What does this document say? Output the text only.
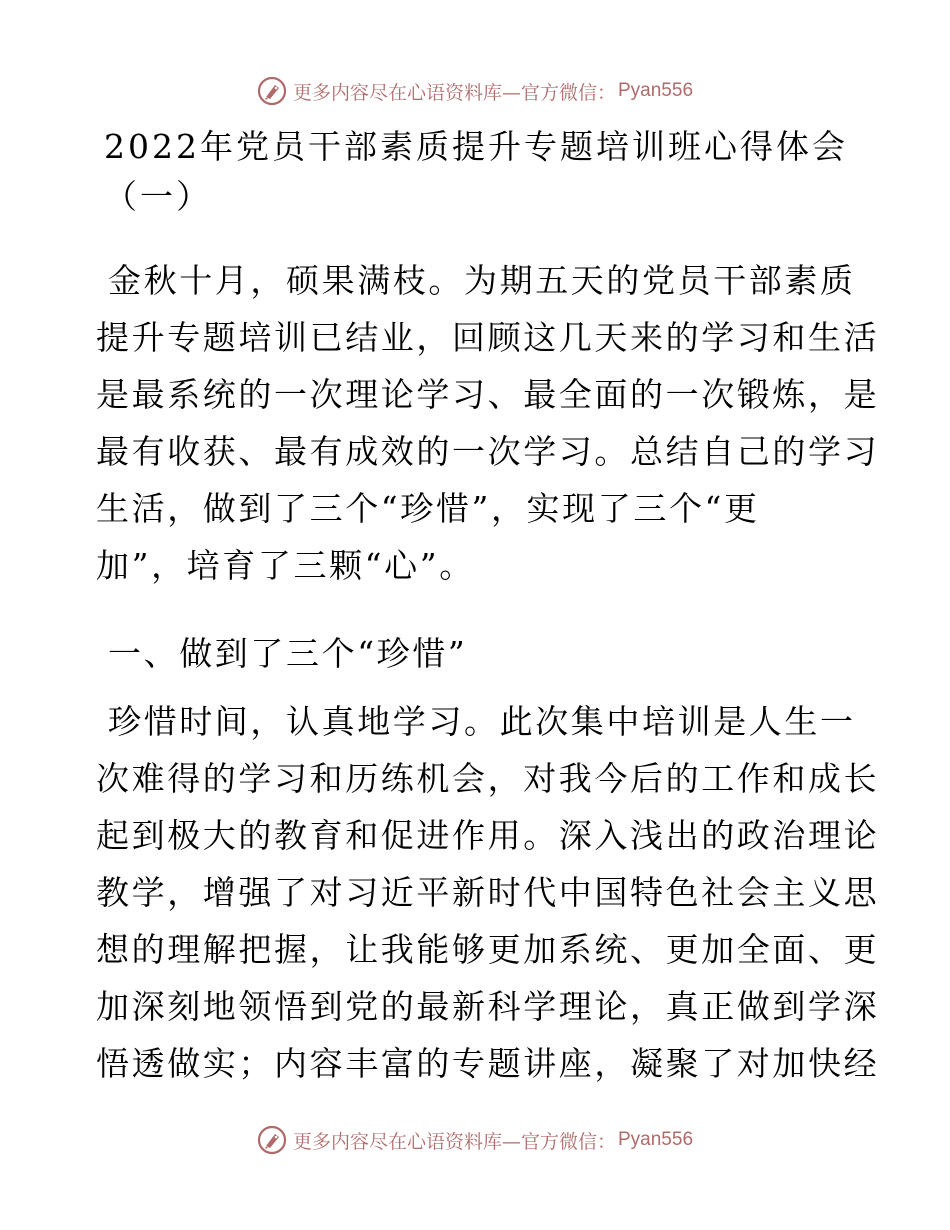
更多内容尽在心语资料库—官方微信： Pyan556
2022年党员干部素质提升专题培训班心得体会
（一）
金秋十月，硕果满枝。为期五天的党员干部素质
提升专题培训已结业，回顾这几天来的学习和生活
是最系统的一次理论学习、最全面的一次锻炼，是
最有收获、最有成效的一次学习。总结自己的学习
生活，做到了三个“珍惜”，实现了三个“更
加”，培育了三颗“心”。
一、做到了三个“珍惜”
珍惜时间，认真地学习。此次集中培训是人生一
次难得的学习和历练机会，对我今后的工作和成长
起到极大的教育和促进作用。深入浅出的政治理论
教学，增强了对习近平新时代中国特色社会主义思
想的理解把握，让我能够更加系统、更加全面、更
加深刻地领悟到党的最新科学理论，真正做到学深
悟透做实；内容丰富的专题讲座，凝聚了对加快经
更多内容尽在心语资料库—官方微信： Pyan556
